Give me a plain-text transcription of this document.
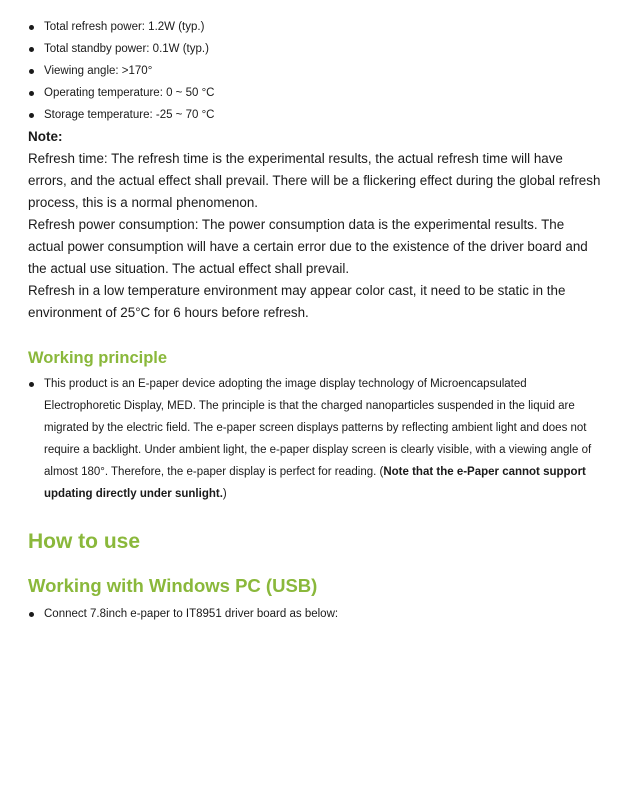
Total refresh power: 1.2W (typ.)
Total standby power: 0.1W (typ.)
Viewing angle: >170°
Operating temperature: 0 ~ 50 °C
Storage temperature: -25 ~ 70 °C
Note:

Refresh time: The refresh time is the experimental results, the actual refresh time will have errors, and the actual effect shall prevail. There will be a flickering effect during the global refresh process, this is a normal phenomenon.

Refresh power consumption: The power consumption data is the experimental results. The actual power consumption will have a certain error due to the existence of the driver board and the actual use situation. The actual effect shall prevail.

Refresh in a low temperature environment may appear color cast, it need to be static in the environment of 25°C for 6 hours before refresh.

Working principle
This product is an E-paper device adopting the image display technology of Microencapsulated Electrophoretic Display, MED. The principle is that the charged nanoparticles suspended in the liquid are migrated by the electric field. The e-paper screen displays patterns by reflecting ambient light and does not require a backlight. Under ambient light, the e-paper display screen is clearly visible, with a viewing angle of almost 180°. Therefore, the e-paper display is perfect for reading. (Note that the e-Paper cannot support updating directly under sunlight.)
How to use
Working with Windows PC (USB)
Connect 7.8inch e-paper to IT8951 driver board as below:
